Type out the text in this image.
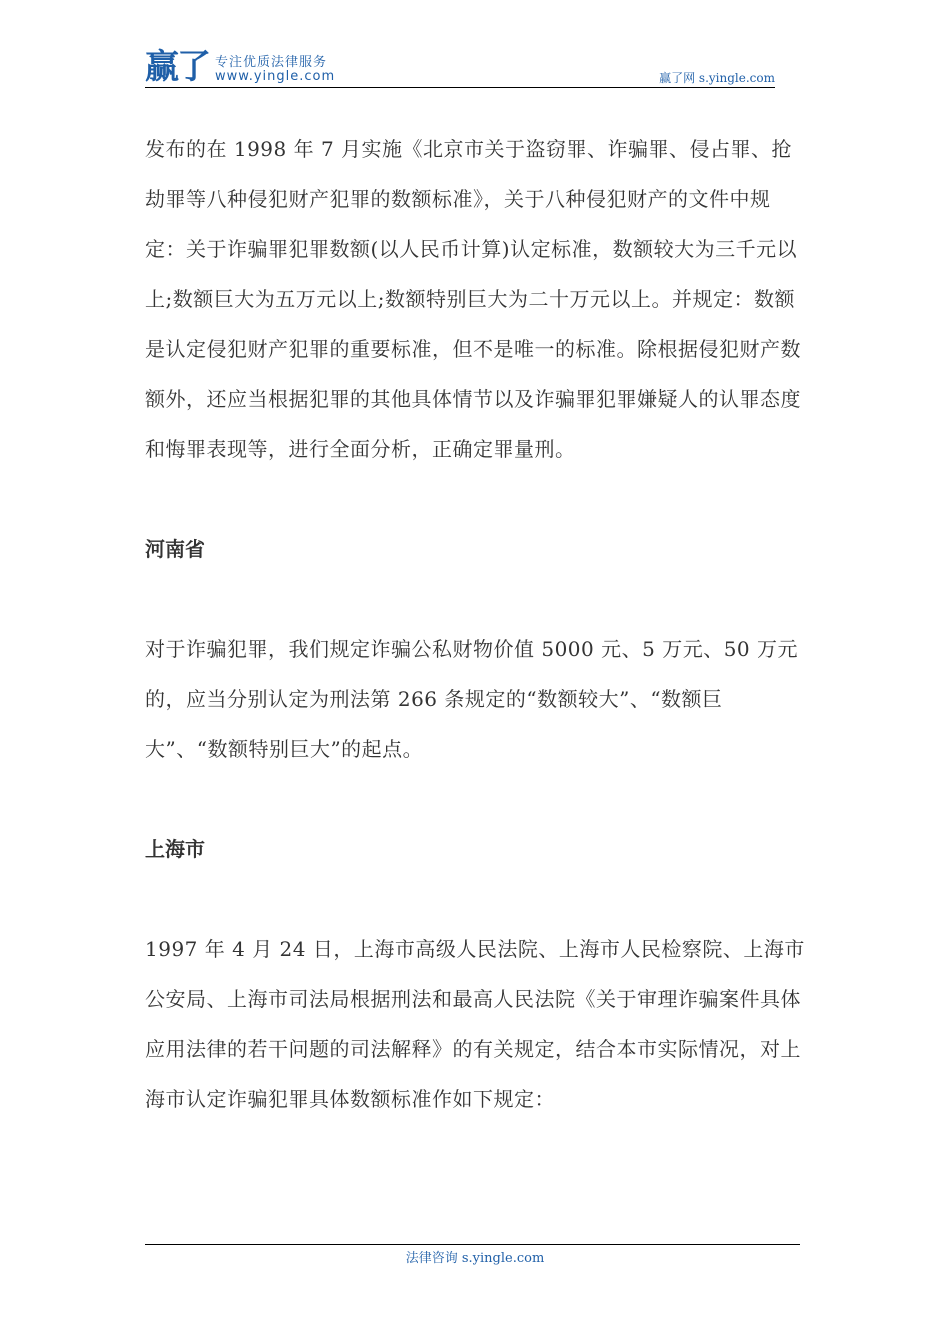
赢了 专注优质法律服务
www.yingle.com	赢了网 s.yingle.com

发布的在 1998 年 7 月实施《北京市关于盗窃罪、诈骗罪、侵占罪、抢劫罪等八种侵犯财产犯罪的数额标准》，关于八种侵犯财产的文件中规定：关于诈骗罪犯罪数额(以人民币计算)认定标准，数额较大为三千元以上;数额巨大为五万元以上;数额特别巨大为二十万元以上。并规定：数额是认定侵犯财产犯罪的重要标准，但不是唯一的标准。除根据侵犯财产数额外，还应当根据犯罪的其他具体情节以及诈骗罪犯罪嫌疑人的认罪态度和悔罪表现等，进行全面分析，正确定罪量刑。

河南省

对于诈骗犯罪，我们规定诈骗公私财物价值 5000 元、5 万元、50 万元的，应当分别认定为刑法第 266 条规定的“数额较大”、“数额巨大”、“数额特别巨大”的起点。

上海市

1997 年 4 月 24 日，上海市高级人民法院、上海市人民检察院、上海市公安局、上海市司法局根据刑法和最高人民法院《关于审理诈骗案件具体应用法律的若干问题的司法解释》的有关规定，结合本市实际情况，对上海市认定诈骗犯罪具体数额标准作如下规定：

法律咨询 s.yingle.com
